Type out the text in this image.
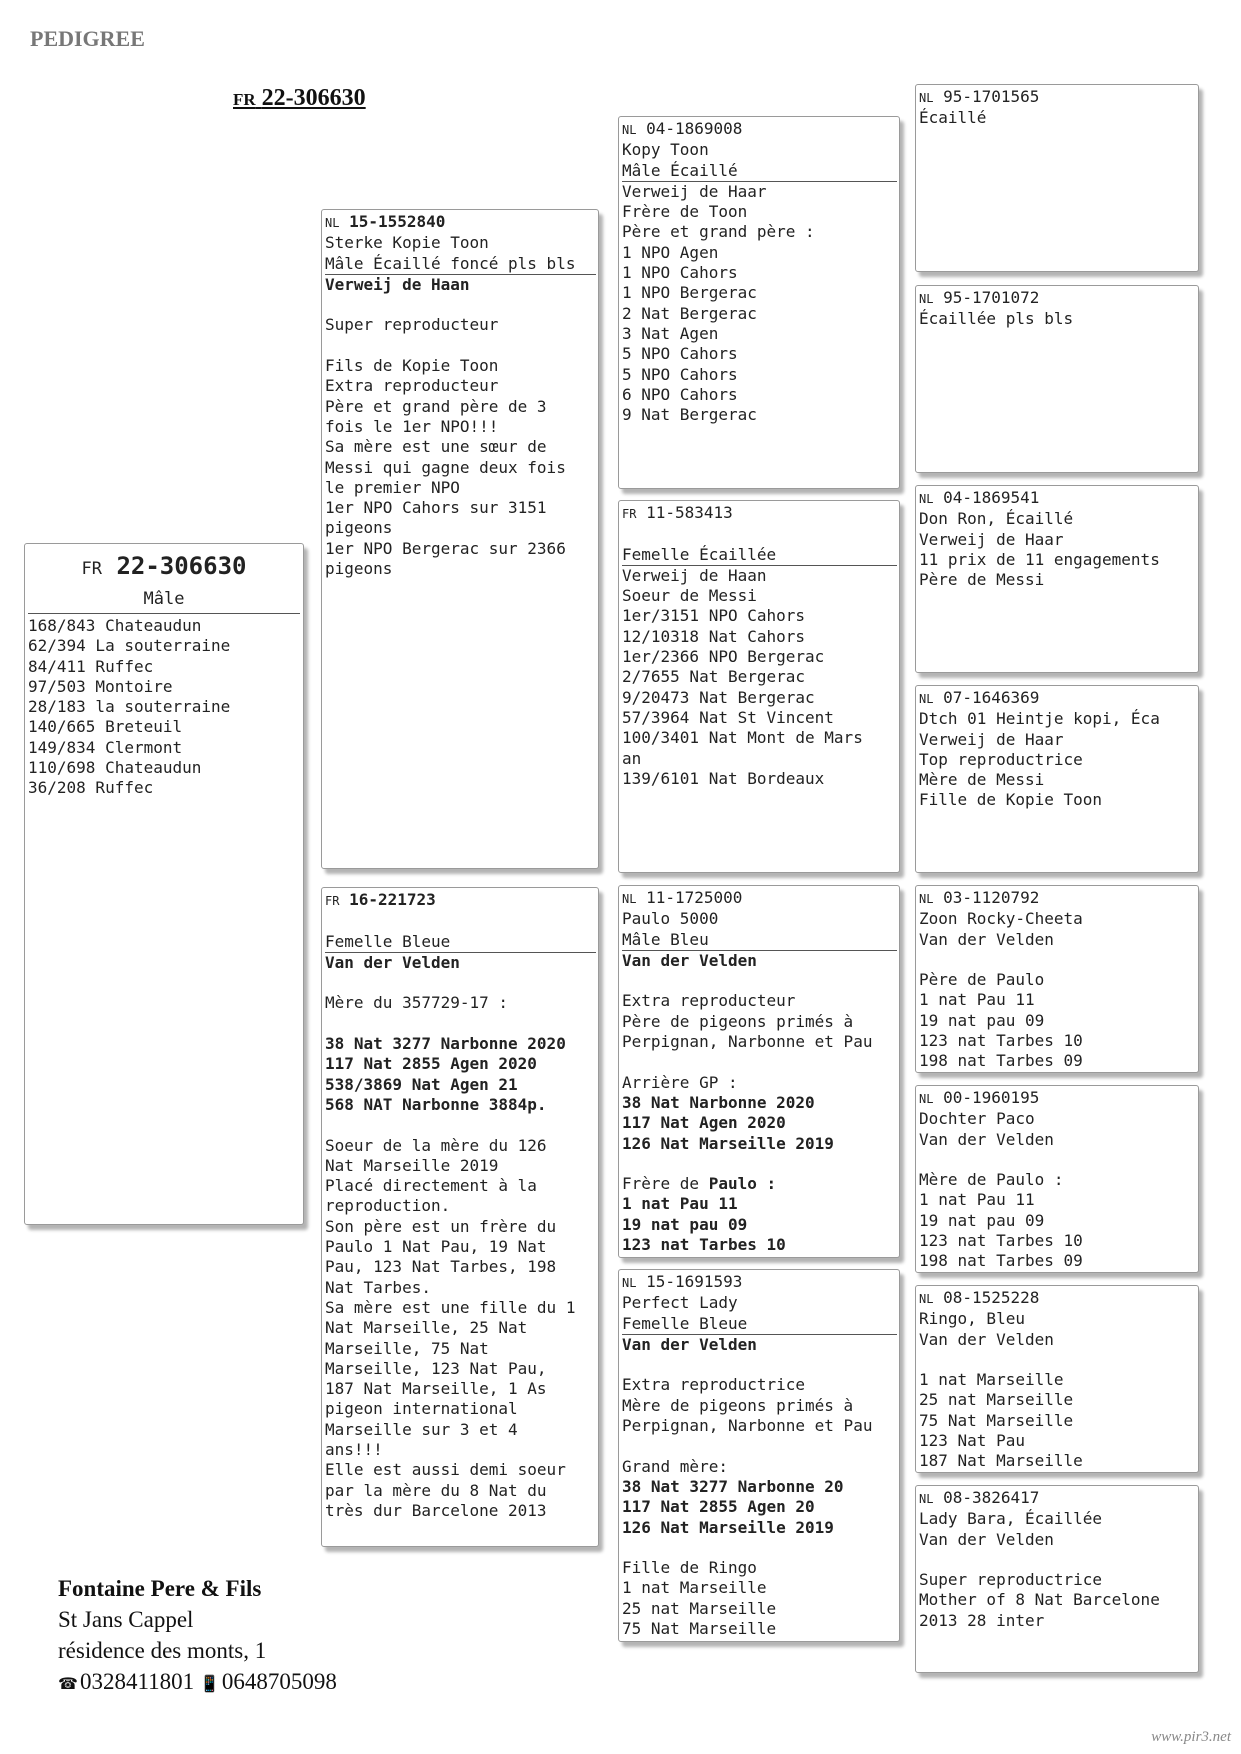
PEDIGREE
FR 22-306630
FR 22-306630
Mâle
168/843 Chateaudun
62/394 La souterraine
84/411 Ruffec
97/503 Montoire
28/183 la souterraine
140/665 Breteuil
149/834 Clermont
110/698 Chateaudun
36/208 Ruffec
NL 15-1552840
Sterke Kopie Toon
Mâle Écaillé foncé pls bls
Verweij de Haan
Super reproducteur
Fils de Kopie Toon
Extra reproducteur
Père et grand père de 3
fois le 1er NPO!!!
Sa mère est une sœur de
Messi qui gagne deux fois
le premier NPO
1er NPO Cahors sur 3151
pigeons
1er NPO Bergerac sur 2366
pigeons
FR 16-221723
Femelle Bleue
Van der Velden
Mère du 357729-17 :
38 Nat 3277 Narbonne 2020
117 Nat 2855 Agen 2020
538/3869 Nat Agen 21
568 NAT Narbonne 3884p.
Soeur de la mère du 126
Nat Marseille 2019
Placé directement à la
reproduction.
Son père est un frère du
Paulo 1 Nat Pau, 19 Nat
Pau, 123 Nat Tarbes, 198
Nat Tarbes.
Sa mère est une fille du 1
Nat Marseille, 25 Nat
Marseille, 75 Nat
Marseille, 123 Nat Pau,
187 Nat Marseille, 1 As
pigeon international
Marseille sur 3 et 4
ans!!!
Elle est aussi demi soeur
par la mère du 8 Nat du
très dur Barcelone 2013
NL 04-1869008
Kopy Toon
Mâle Écaillé
Verweij de Haar
Frère de Toon
Père et grand père :
1 NPO Agen
1 NPO Cahors
1 NPO Bergerac
2 Nat Bergerac
3 Nat Agen
5 NPO Cahors
5 NPO Cahors
6 NPO Cahors
9 Nat Bergerac
FR 11-583413
Femelle Écaillée
Verweij de Haan
Soeur de Messi
1er/3151 NPO Cahors
12/10318 Nat Cahors
1er/2366 NPO Bergerac
2/7655 Nat Bergerac
9/20473 Nat Bergerac
57/3964 Nat St Vincent
100/3401 Nat Mont de Mars
an
139/6101 Nat Bordeaux
NL 11-1725000
Paulo 5000
Mâle Bleu
Van der Velden
Extra reproducteur
Père de pigeons primés à
Perpignan, Narbonne et Pau
Arrière GP :
38 Nat Narbonne 2020
117 Nat Agen 2020
126 Nat Marseille 2019
Frère de Paulo :
1 nat Pau 11
19 nat pau 09
123 nat Tarbes 10
NL 15-1691593
Perfect Lady
Femelle Bleue
Van der Velden
Extra reproductrice
Mère de pigeons primés à
Perpignan, Narbonne et Pau
Grand mère:
38 Nat 3277 Narbonne 20
117 Nat 2855 Agen 20
126 Nat Marseille 2019
Fille de Ringo
1 nat Marseille
25 nat Marseille
75 Nat Marseille
NL 95-1701565
Écaillé
NL 95-1701072
Écaillée pls bls
NL 04-1869541
Don Ron, Écaillé
Verweij de Haar
11 prix de 11 engagements
Père de Messi
NL 07-1646369
Dtch 01 Heintje kopi, Éca
Verweij de Haar
Top reproductrice
Mère de Messi
Fille de Kopie Toon
NL 03-1120792
Zoon Rocky-Cheeta
Van der Velden
Père de Paulo
1 nat Pau 11
19 nat pau 09
123 nat Tarbes 10
198 nat Tarbes 09
NL 00-1960195
Dochter Paco
Van der Velden
Mère de Paulo :
1 nat Pau 11
19 nat pau 09
123 nat Tarbes 10
198 nat Tarbes 09
NL 08-1525228
Ringo, Bleu
Van der Velden
1 nat Marseille
25 nat Marseille
75 Nat Marseille
123 Nat Pau
187 Nat Marseille
NL 08-3826417
Lady Bara, Écaillée
Van der Velden
Super reproductrice
Mother of 8 Nat Barcelone
2013 28 inter
Fontaine Pere & Fils
St Jans Cappel
résidence des monts, 1
☎0328411801 📱0648705098
www.pir3.net
